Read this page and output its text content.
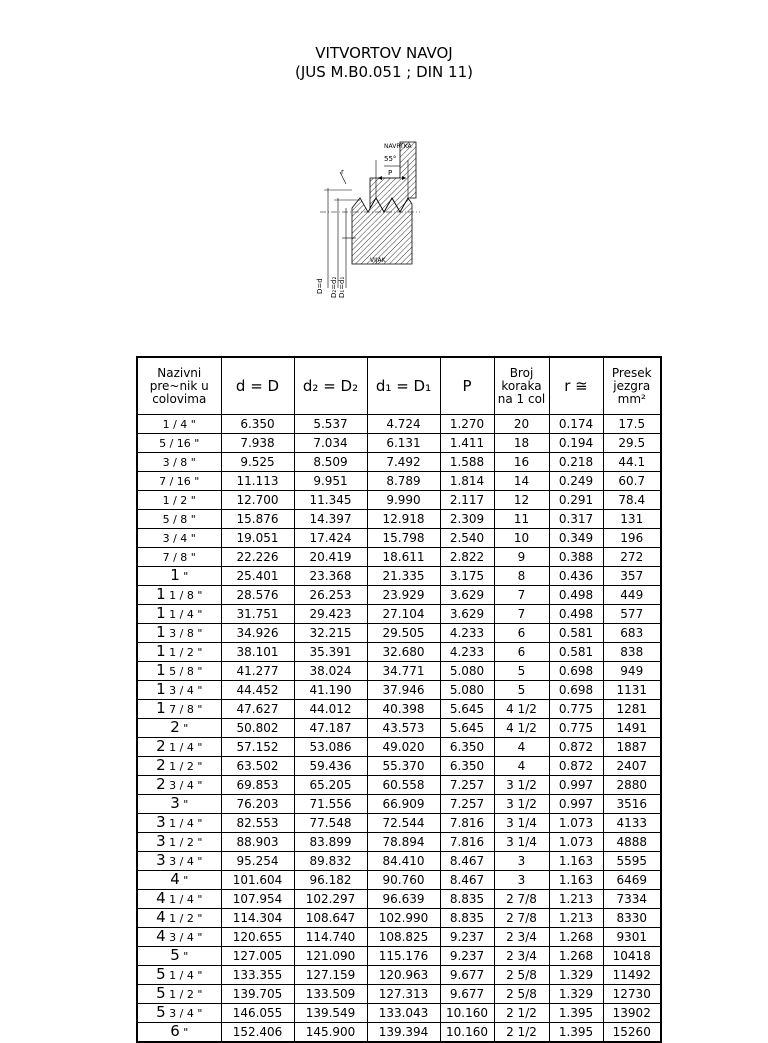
VITVORTOV NAVOJ
(JUS M.B0.051 ; DIN 11)
NAVRTKA
55°
P
r
VIJAK
D=d D₂=d₂ D₁=d₁
Nazivni pre~nik u colovima	d = D	d₂ = D₂	d₁ = D₁	P	Broj koraka na 1 col	r ≅	Presek jezgra mm²
1 / 4 "	6.350	5.537	4.724	1.270	20	0.174	17.5
5 / 16 "	7.938	7.034	6.131	1.411	18	0.194	29.5
3 / 8 "	9.525	8.509	7.492	1.588	16	0.218	44.1
7 / 16 "	11.113	9.951	8.789	1.814	14	0.249	60.7
1 / 2 "	12.700	11.345	9.990	2.117	12	0.291	78.4
5 / 8 "	15.876	14.397	12.918	2.309	11	0.317	131
3 / 4 "	19.051	17.424	15.798	2.540	10	0.349	196
7 / 8 "	22.226	20.419	18.611	2.822	9	0.388	272
1 "	25.401	23.368	21.335	3.175	8	0.436	357
1 1 / 8 "	28.576	26.253	23.929	3.629	7	0.498	449
1 1 / 4 "	31.751	29.423	27.104	3.629	7	0.498	577
1 3 / 8 "	34.926	32.215	29.505	4.233	6	0.581	683
1 1 / 2 "	38.101	35.391	32.680	4.233	6	0.581	838
1 5 / 8 "	41.277	38.024	34.771	5.080	5	0.698	949
1 3 / 4 "	44.452	41.190	37.946	5.080	5	0.698	1131
1 7 / 8 "	47.627	44.012	40.398	5.645	4 1/2	0.775	1281
2 "	50.802	47.187	43.573	5.645	4 1/2	0.775	1491
2 1 / 4 "	57.152	53.086	49.020	6.350	4	0.872	1887
2 1 / 2 "	63.502	59.436	55.370	6.350	4	0.872	2407
2 3 / 4 "	69.853	65.205	60.558	7.257	3 1/2	0.997	2880
3 "	76.203	71.556	66.909	7.257	3 1/2	0.997	3516
3 1 / 4 "	82.553	77.548	72.544	7.816	3 1/4	1.073	4133
3 1 / 2 "	88.903	83.899	78.894	7.816	3 1/4	1.073	4888
3 3 / 4 "	95.254	89.832	84.410	8.467	3	1.163	5595
4 "	101.604	96.182	90.760	8.467	3	1.163	6469
4 1 / 4 "	107.954	102.297	96.639	8.835	2 7/8	1.213	7334
4 1 / 2 "	114.304	108.647	102.990	8.835	2 7/8	1.213	8330
4 3 / 4 "	120.655	114.740	108.825	9.237	2 3/4	1.268	9301
5 "	127.005	121.090	115.176	9.237	2 3/4	1.268	10418
5 1 / 4 "	133.355	127.159	120.963	9.677	2 5/8	1.329	11492
5 1 / 2 "	139.705	133.509	127.313	9.677	2 5/8	1.329	12730
5 3 / 4 "	146.055	139.549	133.043	10.160	2 1/2	1.395	13902
6 "	152.406	145.900	139.394	10.160	2 1/2	1.395	15260
